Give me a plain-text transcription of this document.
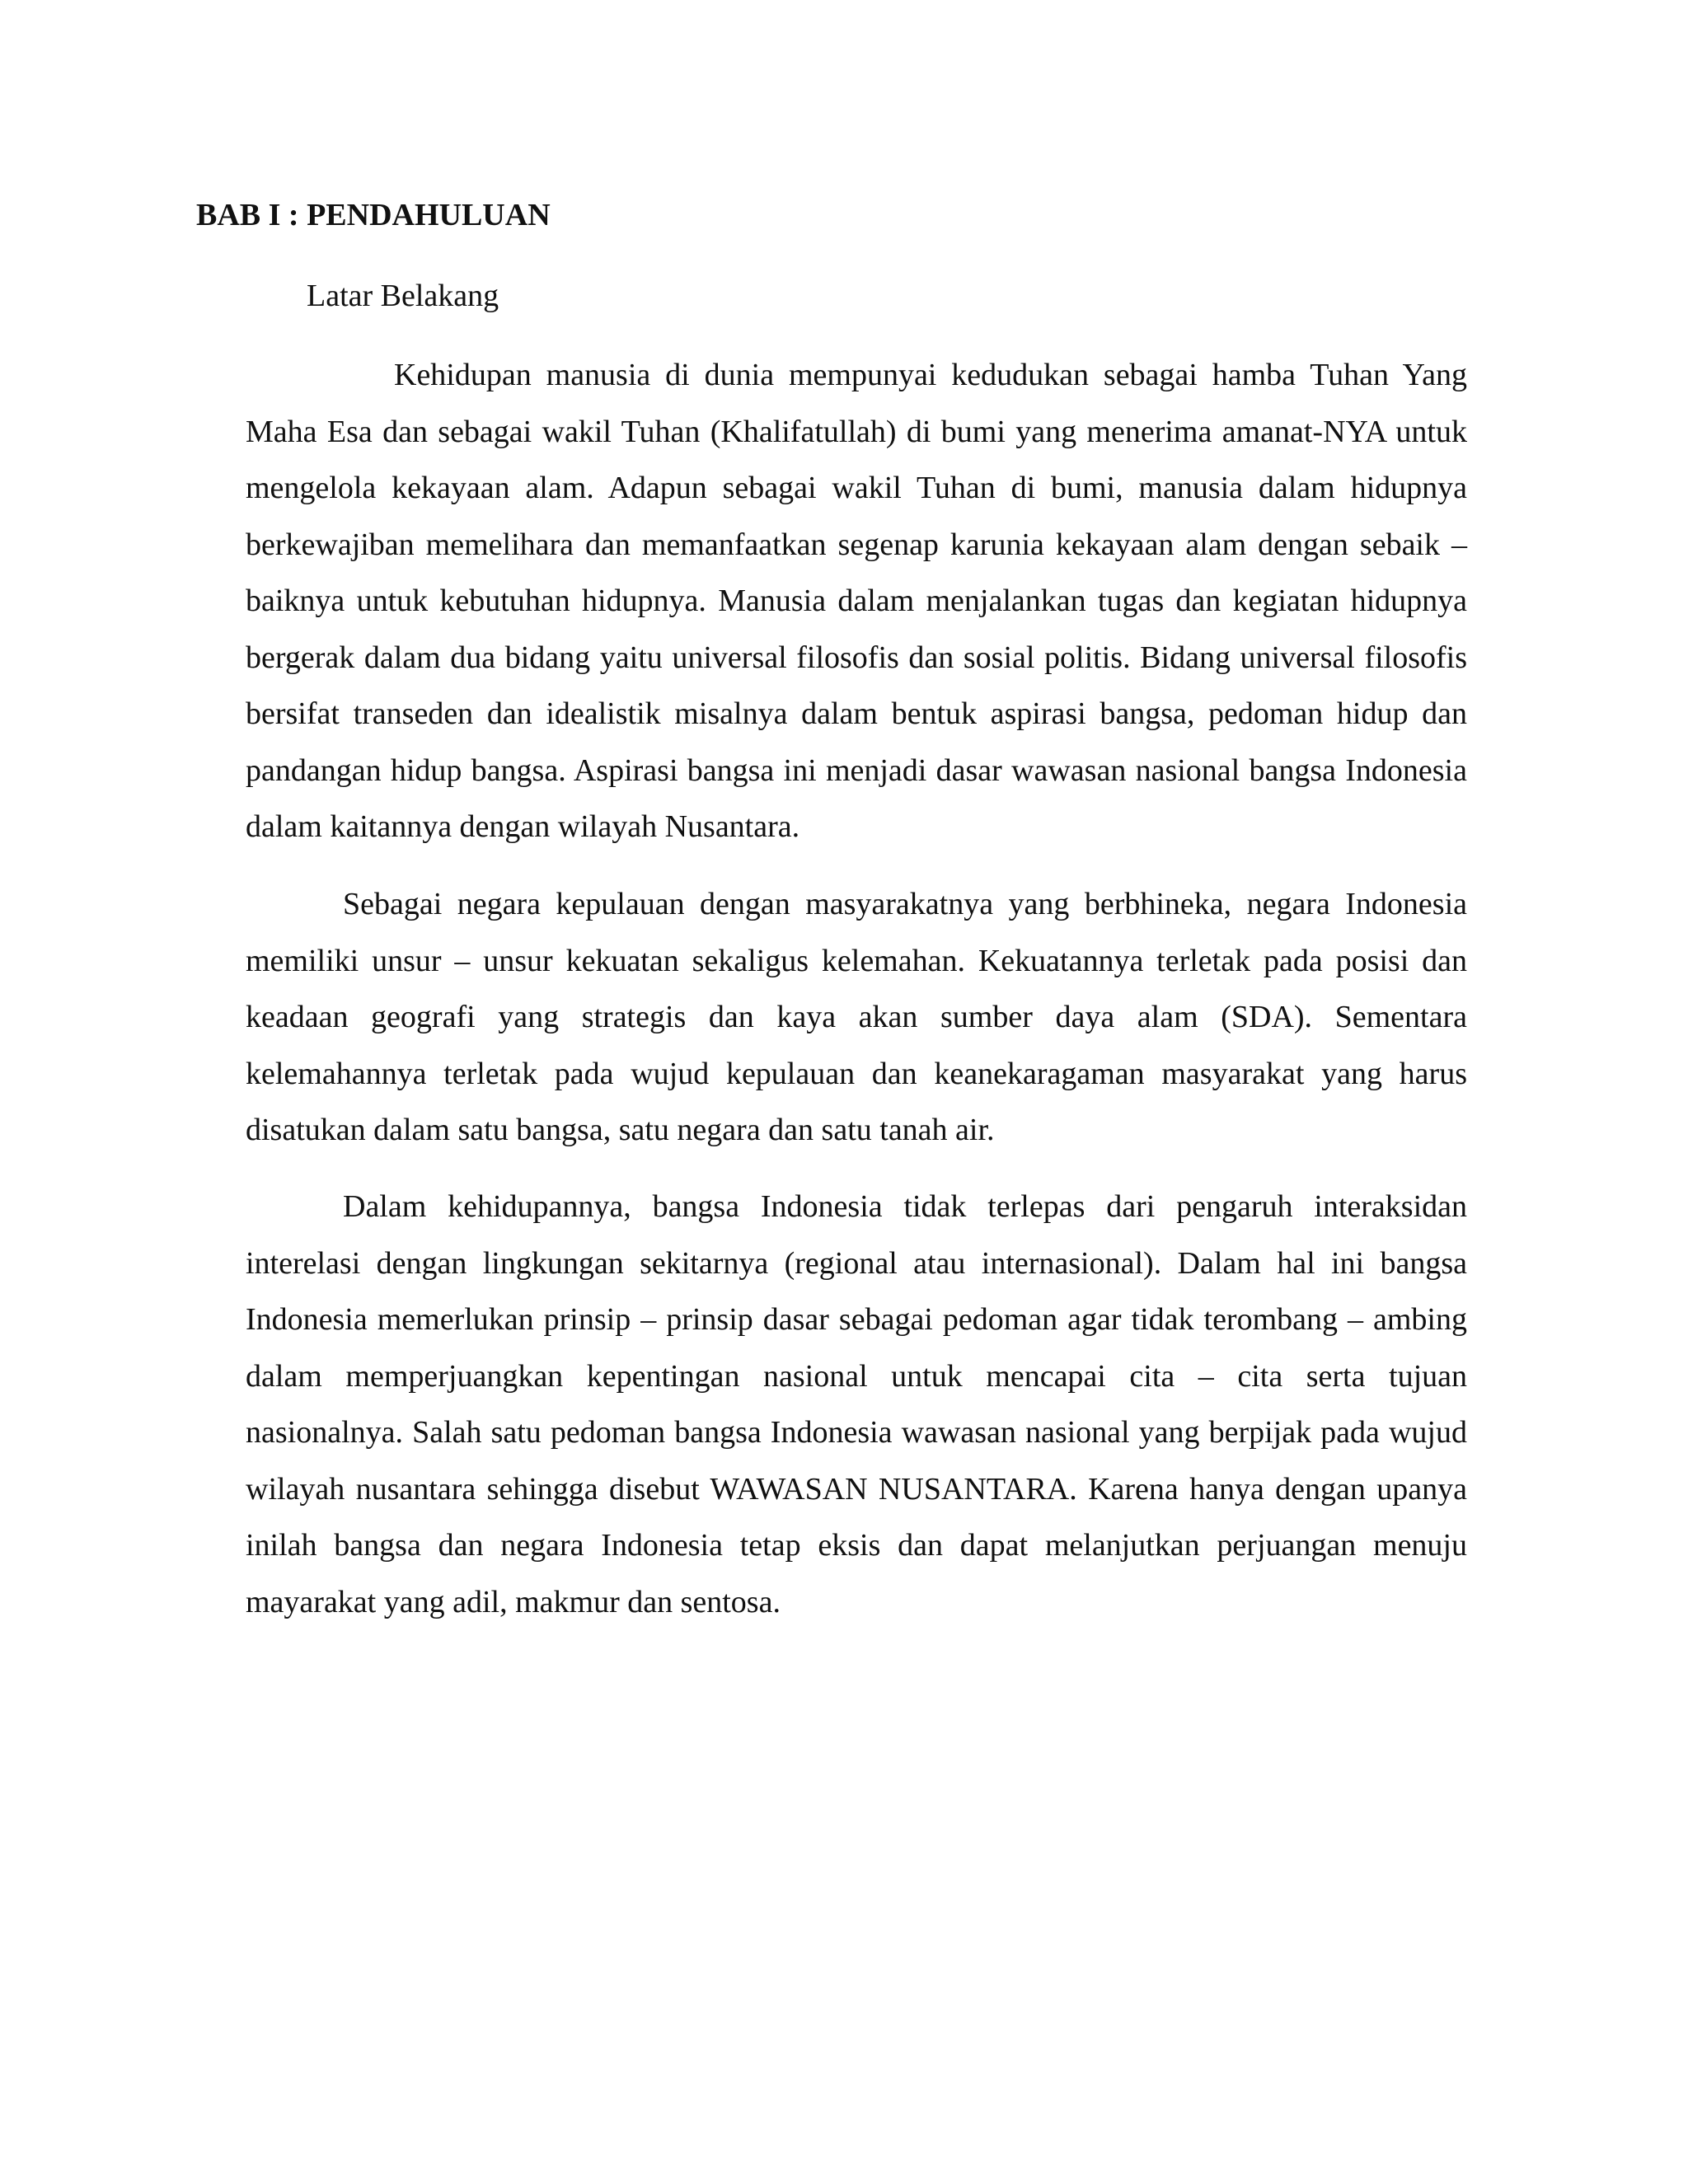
BAB I : PENDAHULUAN
Latar Belakang

Kehidupan manusia di dunia mempunyai kedudukan sebagai hamba Tuhan Yang Maha Esa dan sebagai wakil Tuhan (Khalifatullah) di bumi yang menerima amanat-NYA untuk mengelola kekayaan alam. Adapun sebagai wakil Tuhan di bumi, manusia dalam hidupnya berkewajiban memelihara dan memanfaatkan segenap karunia kekayaan alam dengan sebaik – baiknya untuk kebutuhan hidupnya. Manusia dalam menjalankan tugas dan kegiatan hidupnya bergerak dalam dua bidang yaitu universal filosofis dan sosial politis. Bidang universal filosofis bersifat transeden dan idealistik misalnya dalam bentuk aspirasi bangsa, pedoman hidup dan pandangan hidup bangsa. Aspirasi bangsa ini menjadi dasar wawasan nasional bangsa Indonesia dalam kaitannya dengan wilayah Nusantara.

Sebagai negara kepulauan dengan masyarakatnya yang berbhineka, negara Indonesia memiliki unsur – unsur kekuatan sekaligus kelemahan. Kekuatannya terletak pada posisi dan keadaan geografi yang strategis dan kaya akan sumber daya alam (SDA). Sementara kelemahannya terletak pada wujud kepulauan dan keanekaragaman masyarakat yang harus disatukan dalam satu bangsa, satu negara dan satu tanah air.

Dalam kehidupannya, bangsa Indonesia tidak terlepas dari pengaruh interaksidan interelasi dengan lingkungan sekitarnya (regional atau internasional). Dalam hal ini bangsa Indonesia memerlukan prinsip – prinsip dasar sebagai pedoman agar tidak terombang – ambing dalam memperjuangkan kepentingan nasional untuk mencapai cita – cita serta tujuan nasionalnya. Salah satu pedoman bangsa Indonesia wawasan nasional yang berpijak pada wujud wilayah nusantara sehingga disebut WAWASAN NUSANTARA. Karena hanya dengan upanya inilah bangsa dan negara Indonesia tetap eksis dan dapat melanjutkan perjuangan menuju mayarakat yang adil, makmur dan sentosa.
